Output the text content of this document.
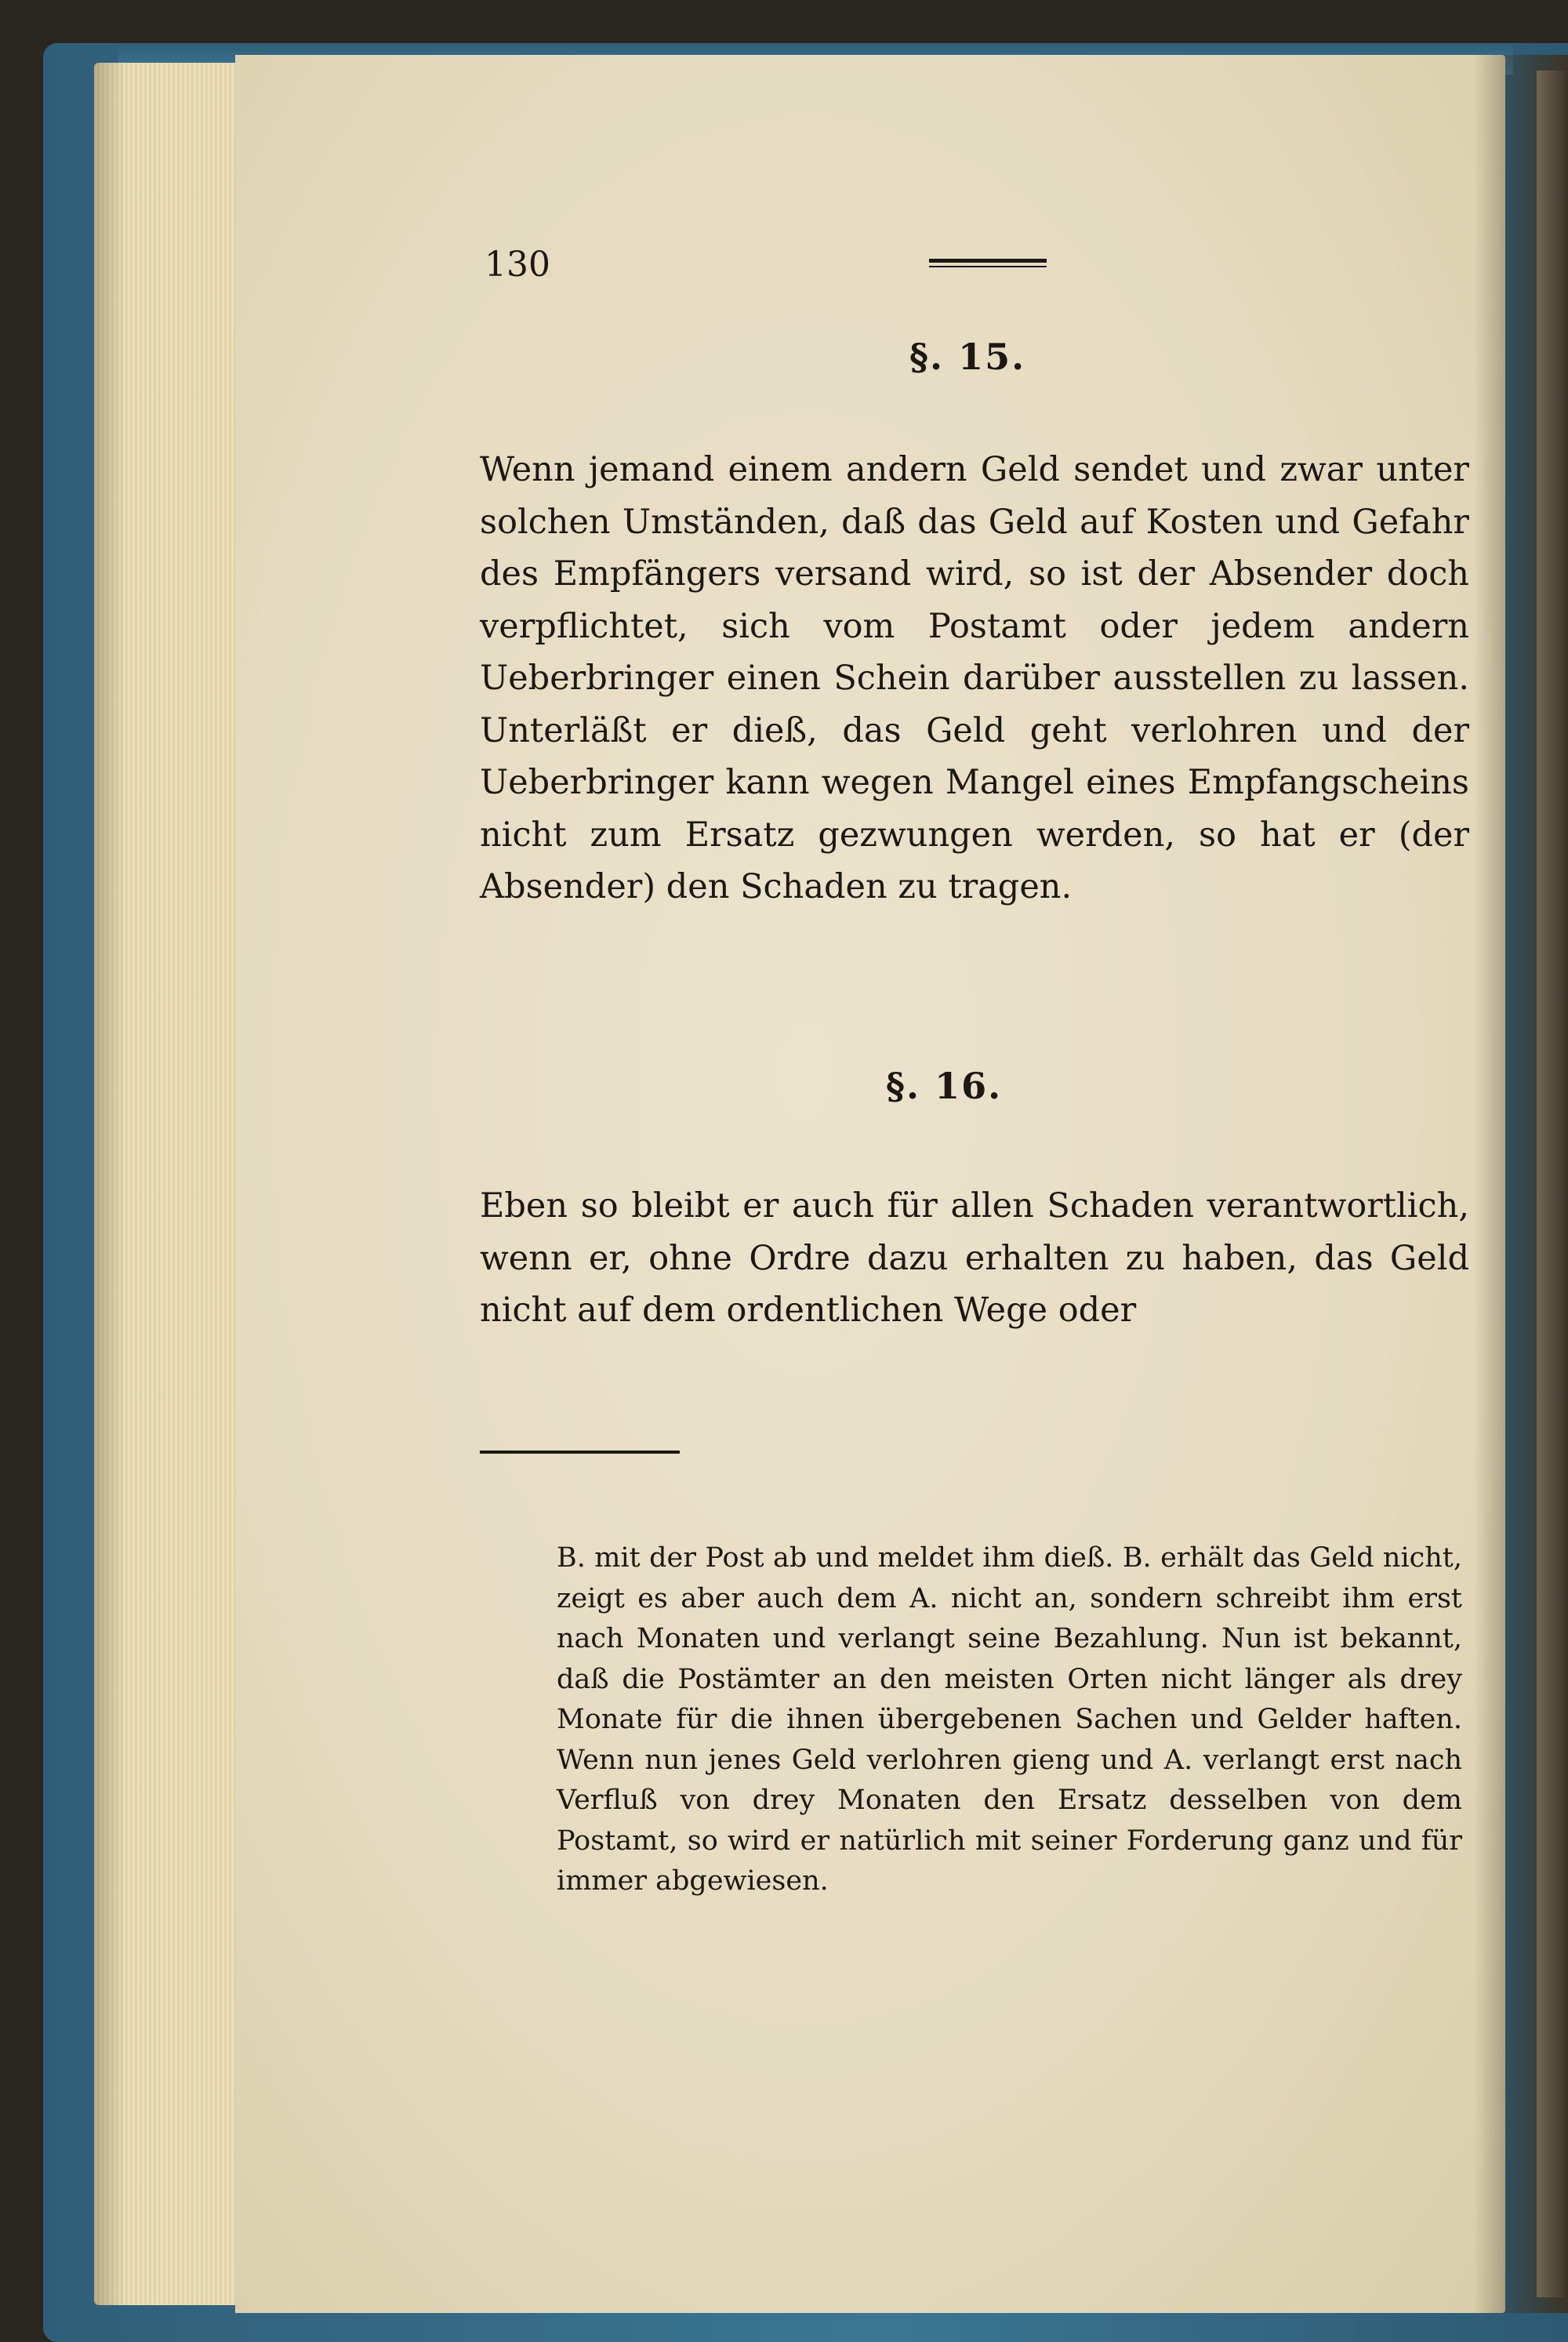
130

§. 15.

Wenn jemand einem andern Geld sendet und zwar unter solchen Umständen, daß das Geld auf Kosten und Gefahr des Empfängers versand wird, so ist der Absender doch verpflichtet, sich vom Postamt oder jedem andern Ueberbringer einen Schein darüber ausstellen zu lassen. Unterläßt er dieß, das Geld geht verlohren und der Ueberbringer kann wegen Mangel eines Empfangscheins nicht zum Ersatz gezwungen werden, so hat er (der Absender) den Schaden zu tragen.

§. 16.

Eben so bleibt er auch für allen Schaden verantwortlich, wenn er, ohne Ordre dazu erhalten zu haben, das Geld nicht auf dem ordentlichen Wege oder

B. mit der Post ab und meldet ihm dieß. B. erhält das Geld nicht, zeigt es aber auch dem A. nicht an, sondern schreibt ihm erst nach Monaten und verlangt seine Bezahlung. Nun ist bekannt, daß die Postämter an den meisten Orten nicht länger als drey Monate für die ihnen übergebenen Sachen und Gelder haften. Wenn nun jenes Geld verlohren gieng und A. verlangt erst nach Verfluß von drey Monaten den Ersatz desselben von dem Postamt, so wird er natürlich mit seiner Forderung ganz und für immer abgewiesen.
